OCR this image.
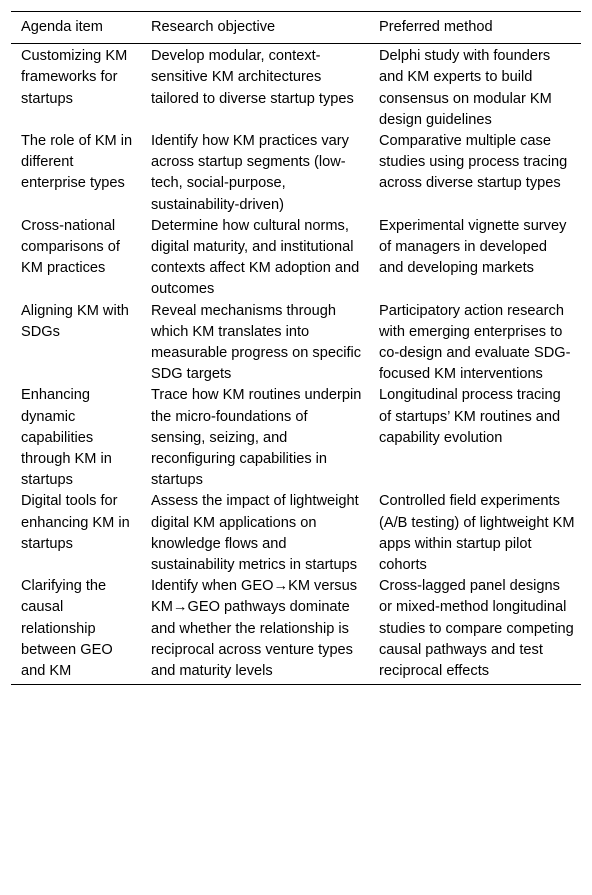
Agenda item	Research objective	Preferred method
Customizing KM frameworks for startups	Develop modular, context-sensitive KM architectures tailored to diverse startup types	Delphi study with founders and KM experts to build consensus on modular KM design guidelines
The role of KM in different enterprise types	Identify how KM practices vary across startup segments (low-tech, social-purpose, sustainability-driven)	Comparative multiple case studies using process tracing across diverse startup types
Cross-national comparisons of KM practices	Determine how cultural norms, digital maturity, and institutional contexts affect KM adoption and outcomes	Experimental vignette survey of managers in developed and developing markets
Aligning KM with SDGs	Reveal mechanisms through which KM translates into measurable progress on specific SDG targets	Participatory action research with emerging enterprises to co-design and evaluate SDG-focused KM interventions
Enhancing dynamic capabilities through KM in startups	Trace how KM routines underpin the micro-foundations of sensing, seizing, and reconfiguring capabilities in startups	Longitudinal process tracing of startups’ KM routines and capability evolution
Digital tools for enhancing KM in startups	Assess the impact of lightweight digital KM applications on knowledge flows and sustainability metrics in startups	Controlled field experiments (A/B testing) of lightweight KM apps within startup pilot cohorts
Clarifying the causal relationship between GEO and KM	Identify when GEO→KM versus KM→GEO pathways dominate and whether the relationship is reciprocal across venture types and maturity levels	Cross-lagged panel designs or mixed-method longitudinal studies to compare competing causal pathways and test reciprocal effects
